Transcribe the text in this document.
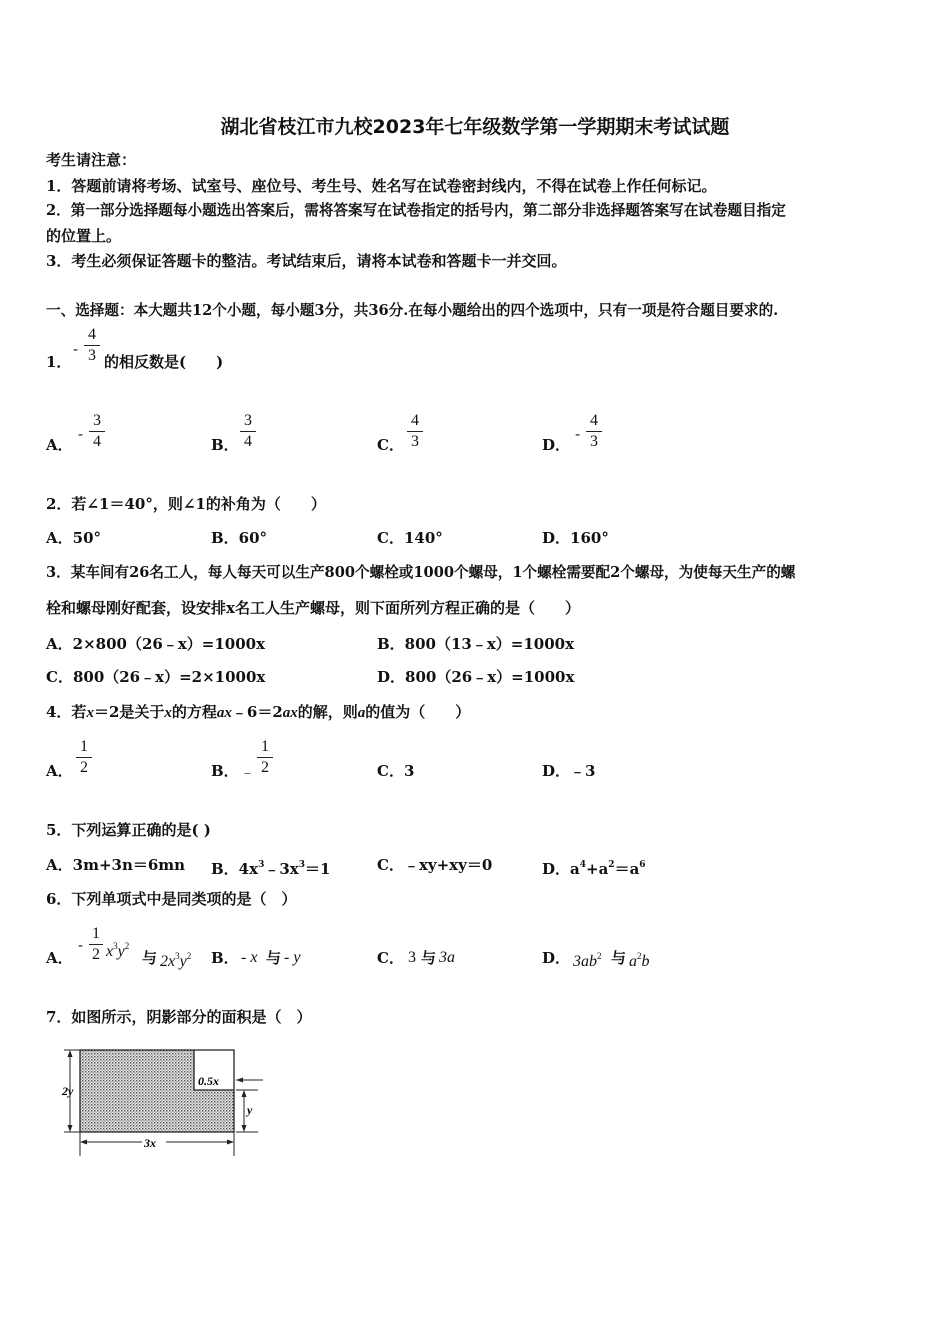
湖北省枝江市九校2023年七年级数学第一学期期末考试试题
考生请注意：
1．答题前请将考场、试室号、座位号、考生号、姓名写在试卷密封线内，不得在试卷上作任何标记。
2．第一部分选择题每小题选出答案后，需将答案写在试卷指定的括号内，第二部分非选择题答案写在试卷题目指定
的位置上。
3．考生必须保证答题卡的整洁。考试结束后，请将本试卷和答题卡一并交回。
一、选择题：本大题共12个小题，每小题3分，共36分.在每小题给出的四个选项中，只有一项是符合题目要求的.
1．
- $\frac{4}{3}$ 的相反数是(　　)
A．
- $\frac{3}{4}$	B． $\frac{3}{4}$	C． $\frac{4}{3}$	D．
- $\frac{4}{3}$
2．若∠1＝40°，则∠1的补角为（　　）
A．50°	B．60°	C．140°	D．160°
3．某车间有26名工人，每人每天可以生产800个螺栓或1000个螺母，1个螺栓需要配2个螺母，为使每天生产的螺
栓和螺母刚好配套，设安排x名工人生产螺母，则下面所列方程正确的是（　　）
A．2×800（26﹣x）=1000x	B．800（13﹣x）=1000x
C．800（26﹣x）=2×1000x	D．800（26﹣x）=1000x
4．若x＝2是关于x的方程ax﹣6＝2ax的解，则a的值为（　　）
A． $\frac{1}{2}$	B． ﹣ $\frac{1}{2}$	C．3	D．﹣3
5．下列运算正确的是( )
A．3m+3n＝6mn B．$4x^3﹣3x^3=1$	C．﹣xy+xy＝0	D．$a^4+a^2=a^6$
6．下列单项式中是同类项的是（　）
A．
- $\frac{1}{2} x^3y^2$
与 $2x^3y^2$ B． - x 与 - y	C． 3 与 3a	D． $3ab^2$ 与 $a^2b$
7．如图所示，阴影部分的面积是（　）
2y
0.5x
y
3x
